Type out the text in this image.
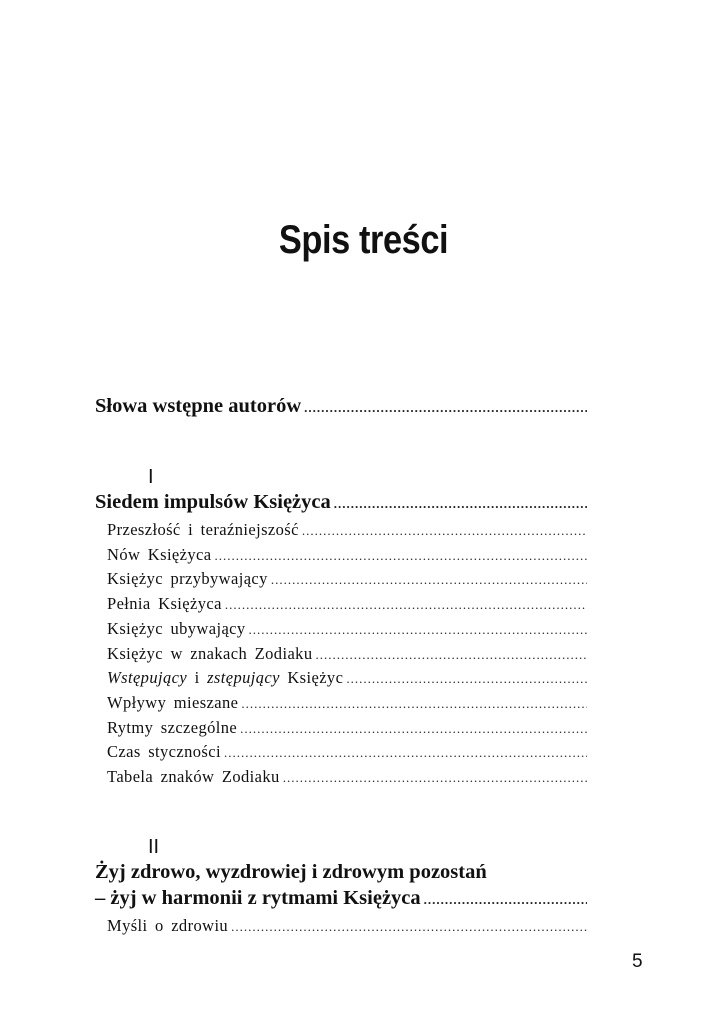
Spis treści
Słowa wstępne autorów
.....
Siedem impulsów Księżyca
.....
Przeszłość i teraźniejszość
.....
Nów Księżyca
.....
Księżyc przybywający
.....
Pełnia Księżyca
.....
Księżyc ubywający
.....
Księżyc w znakach Zodiaku
.....
Wstępujący i zstępujący Księżyc
.....
Wpływy mieszane
.....
Rytmy szczególne
.....
Czas styczności
.....
Tabela znaków Zodiaku
.....
Żyj zdrowo, wyzdrowiej i zdrowym pozostań
– żyj w harmonii z rytmami Księżyca
.....
Myśli o zdrowiu
.....
I
II
5
